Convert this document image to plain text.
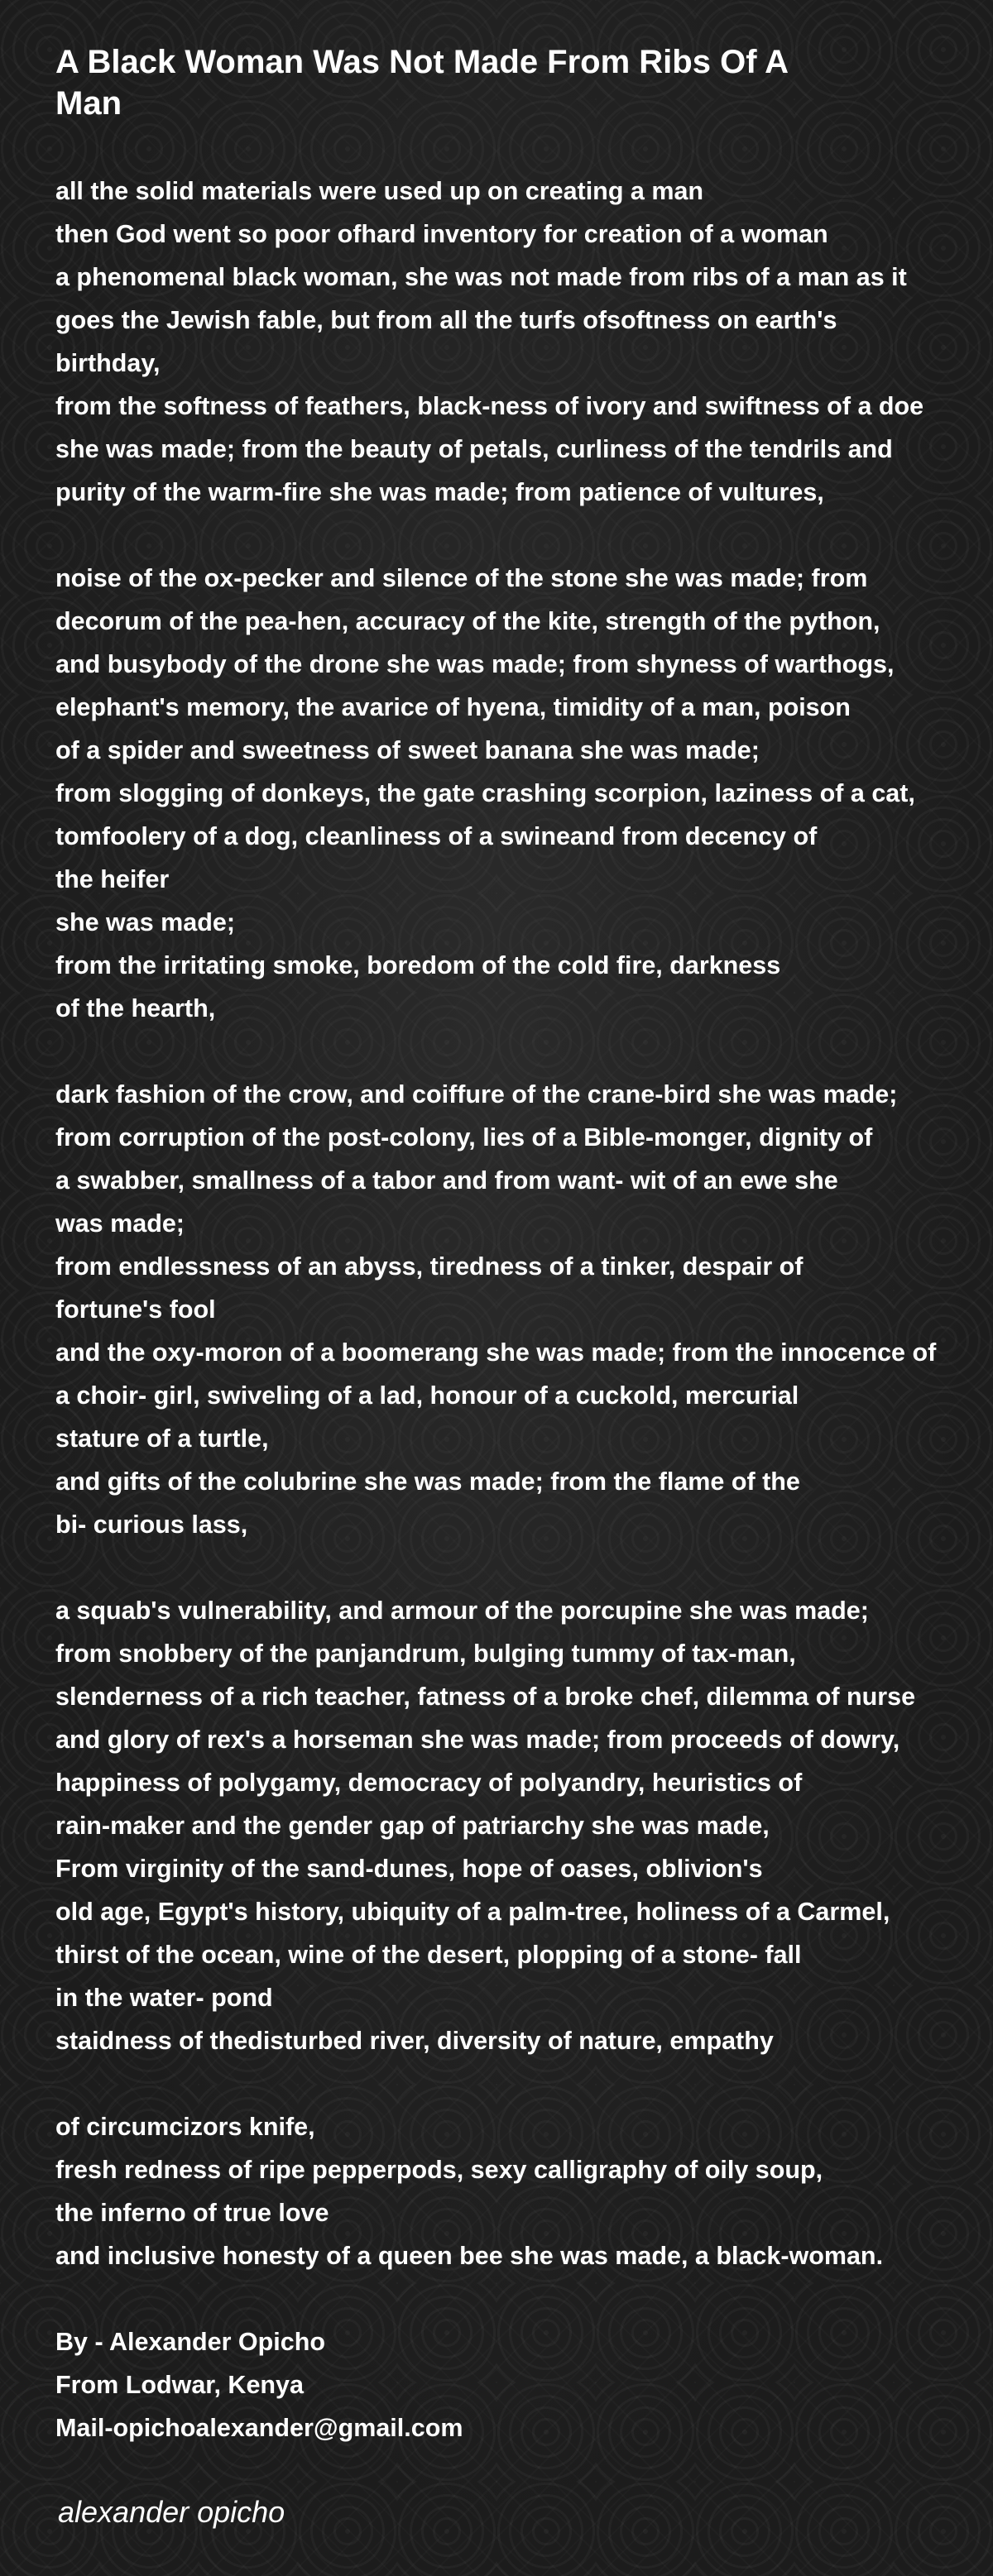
A Black Woman Was Not Made From Ribs Of A
Man
all the solid materials were used up on creating a man
then God went so poor ofhard inventory for creation of a woman
a phenomenal black woman, she was not made from ribs of a man as it
goes the Jewish fable, but from all the turfs ofsoftness on earth's
birthday,
from the softness of feathers, black-ness of ivory and swiftness of a doe
she was made; from the beauty of petals, curliness of the tendrils and
purity of the warm-fire she was made; from patience of vultures,
noise of the ox-pecker and silence of the stone she was made; from
decorum of the pea-hen, accuracy of the kite, strength of the python,
and busybody of the drone she was made; from shyness of warthogs,
elephant's memory, the avarice of hyena, timidity of a man, poison
of a spider and sweetness of sweet banana she was made;
from slogging of donkeys, the gate crashing scorpion, laziness of a cat,
tomfoolery of a dog, cleanliness of a swineand from decency of
the heifer
she was made;
from the irritating smoke, boredom of the cold fire, darkness
of the hearth,
dark fashion of the crow, and coiffure of the crane-bird she was made;
from corruption of the post-colony, lies of a Bible-monger, dignity of
a swabber, smallness of a tabor and from want- wit of an ewe she
was made;
from endlessness of an abyss, tiredness of a tinker, despair of
fortune's fool
and the oxy-moron of a boomerang she was made; from the innocence of
a choir- girl, swiveling of a lad, honour of a cuckold, mercurial
stature of a turtle,
and gifts of the colubrine she was made; from the flame of the
bi- curious lass,
a squab's vulnerability, and armour of the porcupine she was made;
from snobbery of the panjandrum, bulging tummy of tax-man,
slenderness of a rich teacher, fatness of a broke chef, dilemma of nurse
and glory of rex's a horseman she was made; from proceeds of dowry,
happiness of polygamy, democracy of polyandry, heuristics of
rain-maker and the gender gap of patriarchy she was made,
From virginity of the sand-dunes, hope of oases, oblivion's
old age, Egypt's history, ubiquity of a palm-tree, holiness of a Carmel,
thirst of the ocean, wine of the desert, plopping of a stone- fall
in the water- pond
staidness of thedisturbed river, diversity of nature, empathy
of circumcizors knife,
fresh redness of ripe pepperpods, sexy calligraphy of oily soup,
the inferno of true love
and inclusive honesty of a queen bee she was made, a black-woman.
By - Alexander Opicho
From Lodwar, Kenya
Mail-opichoalexander@gmail.com
alexander opicho
